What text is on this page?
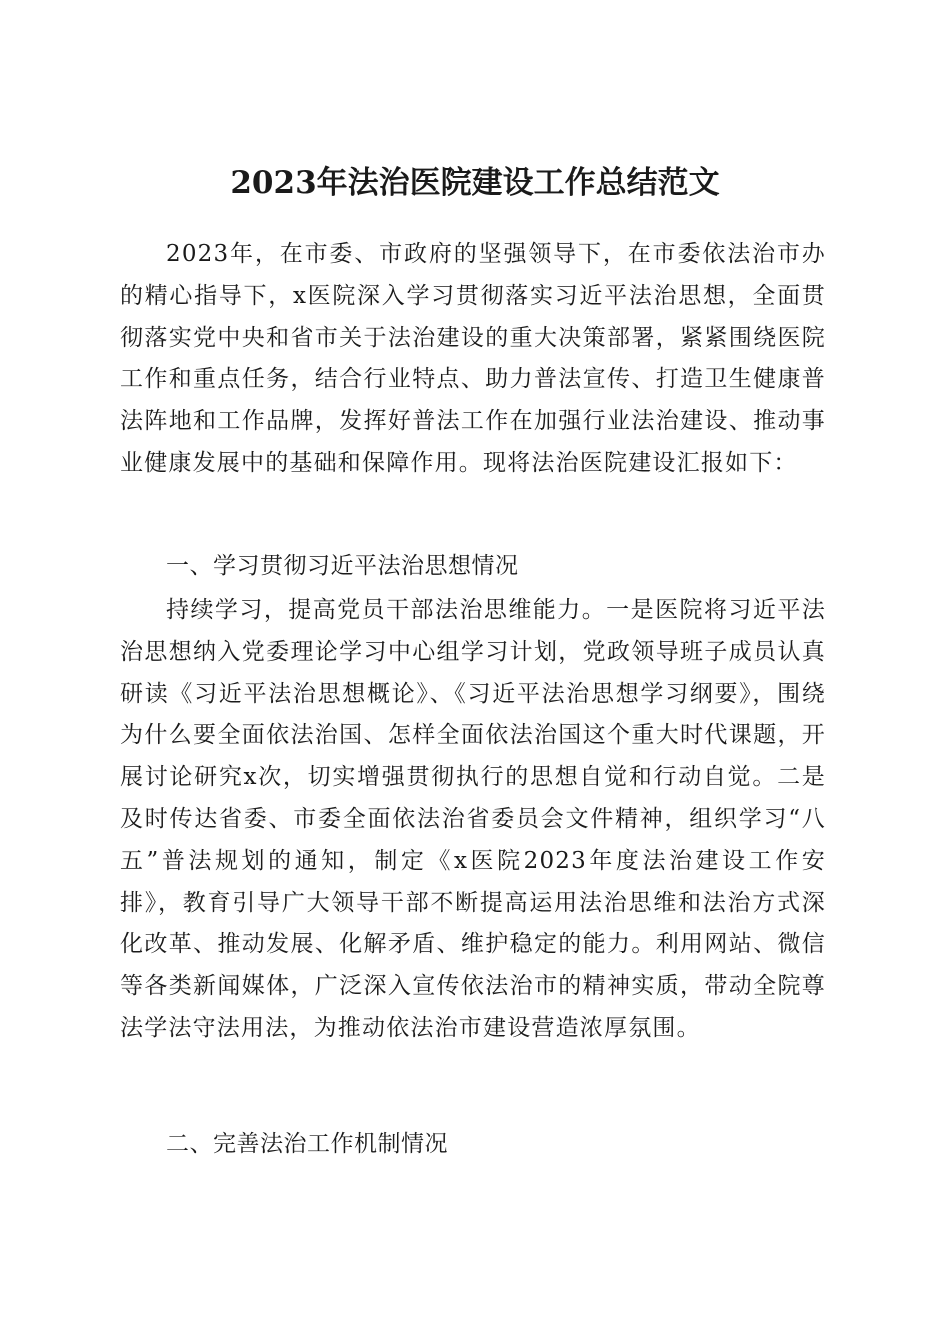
2023年法治医院建设工作总结范文

2023年，在市委、市政府的坚强领导下，在市委依法治市办的精心指导下，x医院深入学习贯彻落实习近平法治思想，全面贯彻落实党中央和省市关于法治建设的重大决策部署，紧紧围绕医院工作和重点任务，结合行业特点、助力普法宣传、打造卫生健康普法阵地和工作品牌，发挥好普法工作在加强行业法治建设、推动事业健康发展中的基础和保障作用。现将法治医院建设汇报如下：

一、学习贯彻习近平法治思想情况

持续学习，提高党员干部法治思维能力。一是医院将习近平法治思想纳入党委理论学习中心组学习计划，党政领导班子成员认真研读《习近平法治思想概论》、《习近平法治思想学习纲要》，围绕为什么要全面依法治国、怎样全面依法治国这个重大时代课题，开展讨论研究x次，切实增强贯彻执行的思想自觉和行动自觉。二是及时传达省委、市委全面依法治省委员会文件精神，组织学习“八五”普法规划的通知，制定《x医院2023年度法治建设工作安排》，教育引导广大领导干部不断提高运用法治思维和法治方式深化改革、推动发展、化解矛盾、维护稳定的能力。利用网站、微信等各类新闻媒体，广泛深入宣传依法治市的精神实质，带动全院尊法学法守法用法，为推动依法治市建设营造浓厚氛围。

二、完善法治工作机制情况
